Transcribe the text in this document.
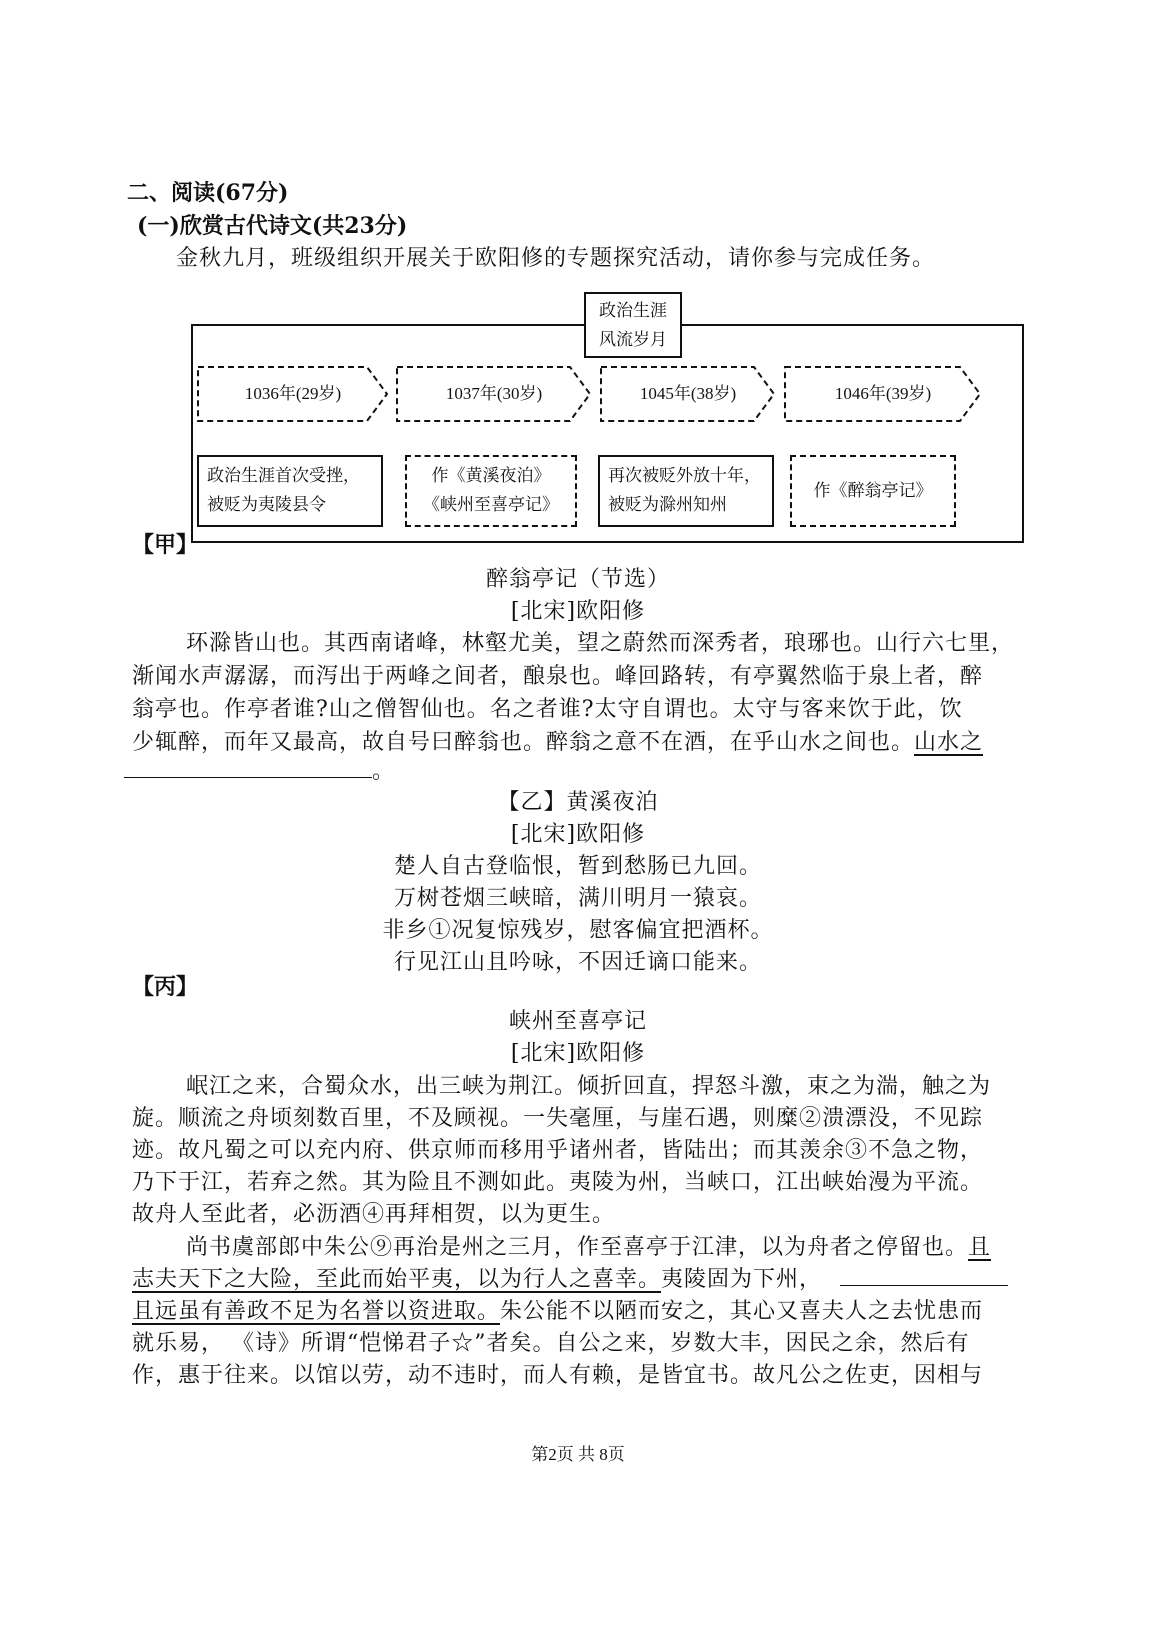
二、阅读(67分)
(一)欣赏古代诗文(共23分)
金秋九月，班级组织开展关于欧阳修的专题探究活动，请你参与完成任务。
政治生涯
风流岁月
1036年(29岁)	1037年(30岁)	1045年(38岁)	1046年(39岁)
政治生涯首次受挫，
被贬为夷陵县令
作《黄溪夜泊》
《峡州至喜亭记》
再次被贬外放十年，
被贬为滁州知州
作《醉翁亭记》
【甲】
醉翁亭记（节选）
[北宋]欧阳修
环滁皆山也。其西南诸峰，林壑尤美，望之蔚然而深秀者，琅琊也。山行六七里，
渐闻水声潺潺，而泻出于两峰之间者，酿泉也。峰回路转，有亭翼然临于泉上者，醉
翁亭也。作亭者谁?山之僧智仙也。名之者谁?太守自谓也。太守与客来饮于此，饮
少辄醉，而年又最高，故自号曰醉翁也。醉翁之意不在酒，在乎山水之间也。山水之
。
【乙】黄溪夜泊
[北宋]欧阳修
楚人自古登临恨，暂到愁肠已九回。
万树苍烟三峡暗，满川明月一猿哀。
非乡①况复惊残岁，慰客偏宜把酒杯。
行见江山且吟咏，不因迁谪口能来。
【丙】
峡州至喜亭记
[北宋]欧阳修
岷江之来，合蜀众水，出三峡为荆江。倾折回直，捍怒斗激，束之为湍，触之为
旋。顺流之舟顷刻数百里，不及顾视。一失毫厘，与崖石遇，则糜②溃漂没，不见踪
迹。故凡蜀之可以充内府、供京师而移用乎诸州者，皆陆出；而其羡余③不急之物，
乃下于江，若弃之然。其为险且不测如此。夷陵为州，当峡口，江出峡始漫为平流。
故舟人至此者，必沥酒④再拜相贺，以为更生。
尚书虞部郎中朱公⑨再治是州之三月，作至喜亭于江津，以为舟者之停留也。且
志夫天下之大险，至此而始平夷，以为行人之喜幸。夷陵固为下州，
且远虽有善政不足为名誉以资进取。朱公能不以陋而安之，其心又喜夫人之去忧患而
就乐易， 《诗》所谓“恺悌君子☆”者矣。自公之来，岁数大丰，因民之余，然后有
作，惠于往来。以馆以劳，动不违时，而人有赖，是皆宜书。故凡公之佐吏，因相与
第2页 共 8页
